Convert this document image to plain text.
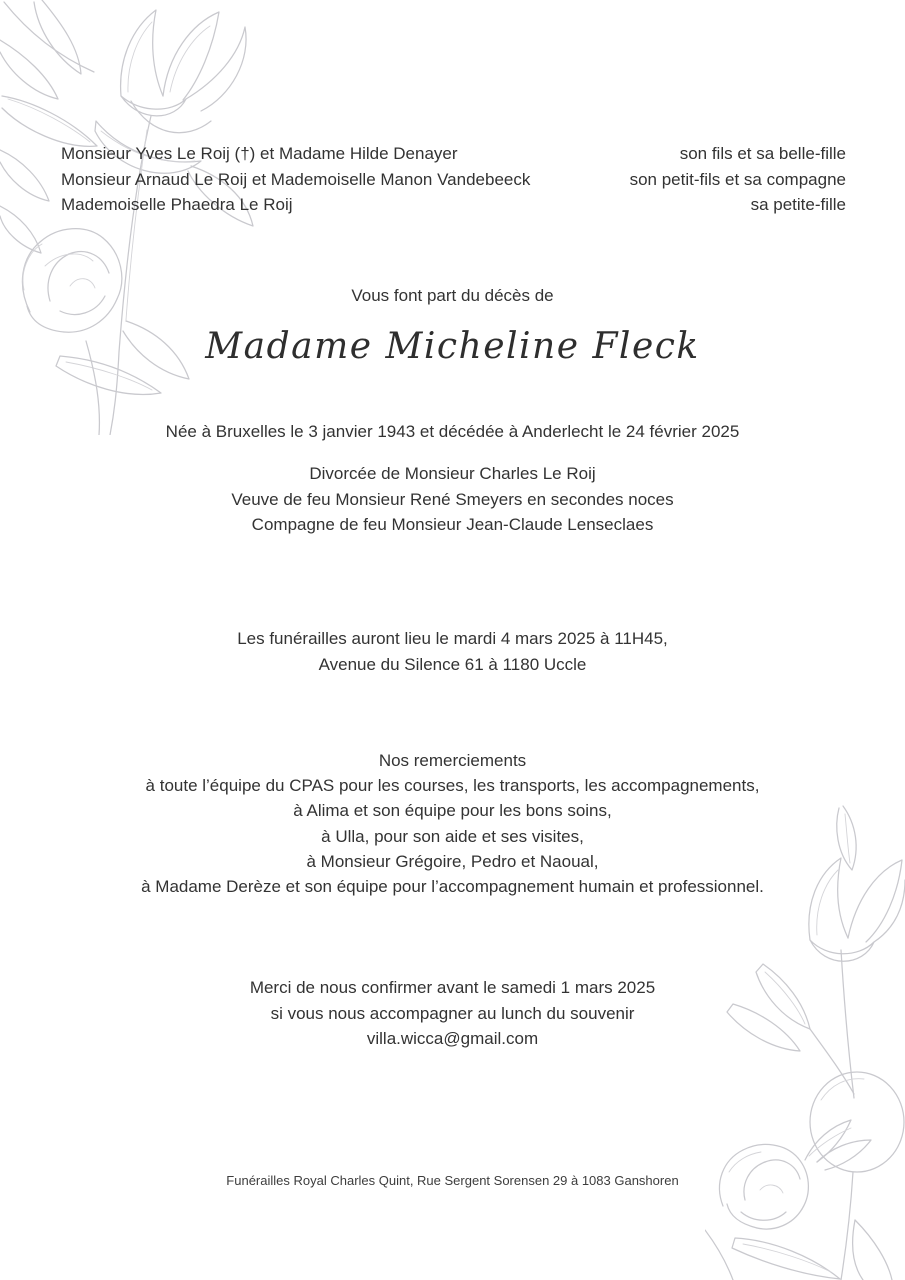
Monsieur Yves Le Roij (†) et Madame Hilde Denayer	son fils et sa belle-fille
Monsieur Arnaud Le Roij et Mademoiselle Manon Vandebeeck	son petit-fils et sa compagne
Mademoiselle Phaedra Le Roij	sa petite-fille
Vous font part du décès de
Madame Micheline Fleck
Née à Bruxelles le 3 janvier 1943 et décédée à Anderlecht le 24 février 2025
Divorcée de Monsieur Charles Le Roij
Veuve de feu Monsieur René Smeyers en secondes noces
Compagne de feu Monsieur Jean-Claude Lenseclaes
Les funérailles auront lieu le mardi 4 mars 2025 à 11H45,
Avenue du Silence 61 à 1180 Uccle
Nos remerciements
à toute l’équipe du CPAS pour les courses, les transports, les accompagnements,
à Alima et son équipe pour les bons soins,
à Ulla, pour son aide et ses visites,
à Monsieur Grégoire, Pedro et Naoual,
à Madame Derèze et son équipe pour l’accompagnement humain et professionnel.
Merci de nous confirmer avant le samedi 1 mars 2025
si vous nous accompagner au lunch du souvenir
villa.wicca@gmail.com
Funérailles Royal Charles Quint, Rue Sergent Sorensen 29 à 1083 Ganshoren
